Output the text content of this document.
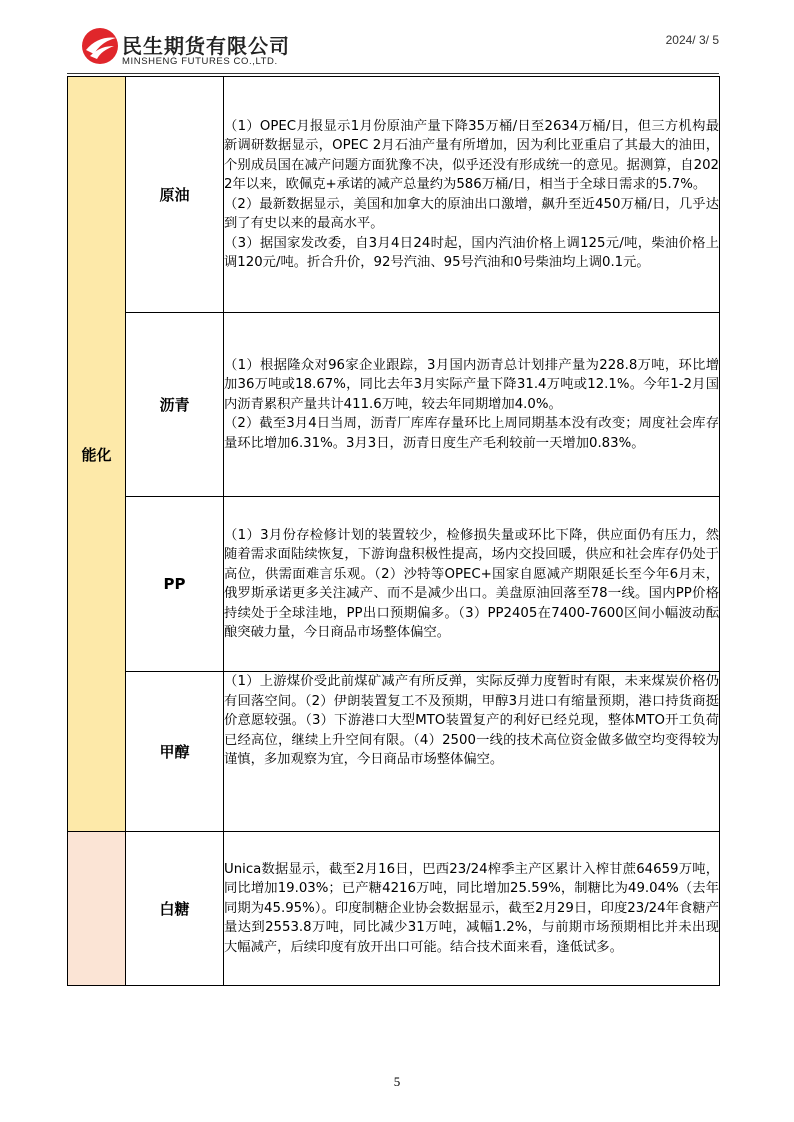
民生期货有限公司
MINSHENG FUTURES CO.,LTD.
2024/ 3/ 5
能化	原油	（1）OPEC月报显示1月份原油产量下降35万桶/日至2634万桶/日，但三方机构最新调研数据显示，OPEC 2月石油产量有所增加，因为利比亚重启了其最大的油田，个别成员国在减产问题方面犹豫不决，似乎还没有形成统一的意见。据测算，自2022年以来，欧佩克+承诺的减产总量约为586万桶/日，相当于全球日需求的5.7%。

（2）最新数据显示，美国和加拿大的原油出口激增，飙升至近450万桶/日，几乎达到了有史以来的最高水平。

（3）据国家发改委，自3月4日24时起，国内汽油价格上调125元/吨，柴油价格上调120元/吨。折合升价，92号汽油、95号汽油和0号柴油均上调0.1元。

	沥青	（1）根据隆众对96家企业跟踪，3月国内沥青总计划排产量为228.8万吨，环比增加36万吨或18.67%，同比去年3月实际产量下降31.4万吨或12.1%。今年1-2月国内沥青累积产量共计411.6万吨，较去年同期增加4.0%。

（2）截至3月4日当周，沥青厂库库存量环比上周同期基本没有改变；周度社会库存量环比增加6.31%。3月3日，沥青日度生产毛利较前一天增加0.83%。

	PP	（1）3月份存检修计划的装置较少，检修损失量或环比下降，供应面仍有压力，然随着需求面陆续恢复，下游询盘积极性提高，场内交投回暖，供应和社会库存仍处于高位，供需面难言乐观。（2）沙特等OPEC+国家自愿减产期限延长至今年6月末，俄罗斯承诺更多关注减产、而不是减少出口。美盘原油回落至78一线。国内PP价格持续处于全球洼地，PP出口预期偏多。（3）PP2405在7400-7600区间小幅波动酝酿突破力量，今日商品市场整体偏空。

	甲醇	（1）上游煤价受此前煤矿减产有所反弹，实际反弹力度暂时有限，未来煤炭价格仍有回落空间。（2）伊朗装置复工不及预期，甲醇3月进口有缩量预期，港口持货商挺价意愿较强。（3）下游港口大型MTO装置复产的利好已经兑现，整体MTO开工负荷已经高位，继续上升空间有限。（4）2500一线的技术高位资金做多做空均变得较为谨慎，多加观察为宜，今日商品市场整体偏空。

	白糖	Unica数据显示，截至2月16日，巴西23/24榨季主产区累计入榨甘蔗64659万吨，同比增加19.03%；已产糖4216万吨，同比增加25.59%，制糖比为49.04%（去年同期为45.95%）。印度制糖企业协会数据显示，截至2月29日，印度23/24年食糖产量达到2553.8万吨，同比减少31万吨，减幅1.2%，与前期市场预期相比并未出现大幅减产，后续印度有放开出口可能。结合技术面来看，逢低试多。

5
